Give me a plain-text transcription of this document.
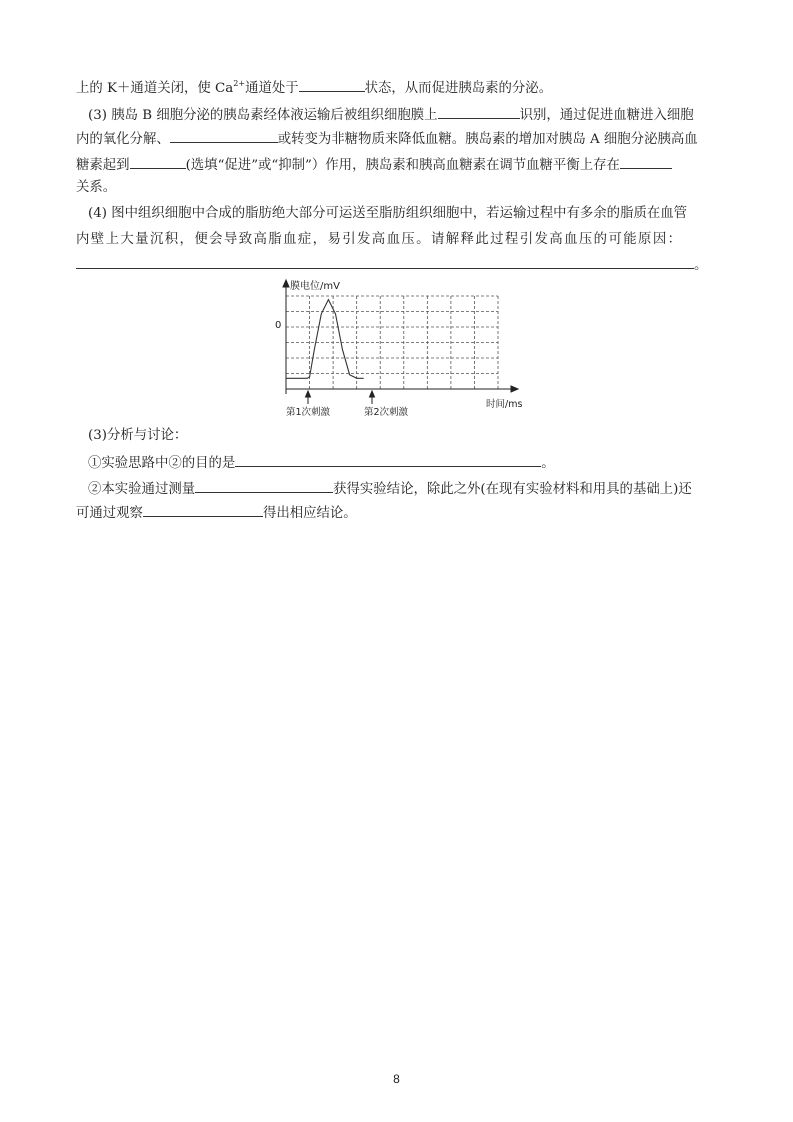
上的 K＋通道关闭，使 $Ca^{2+}$通道处于	状态，从而促进胰岛素的分泌。
(3) 胰岛 B 细胞分泌的胰岛素经体液运输后被组织细胞膜上	识别，通过促进血糖进入细胞
内的氧化分解、	或转变为非糖物质来降低血糖。胰岛素的增加对胰岛 A 细胞分泌胰高血
糖素起到	(选填“促进”或“抑制”）作用，胰岛素和胰高血糖素在调节血糖平衡上存在
关系。
(4) 图中组织细胞中合成的脂肪绝大部分可运送至脂肪组织细胞中，若运输过程中有多余的脂质在血管
内壁上大量沉积，便会导致高脂血症，易引发高血压。请解释此过程引发高血压的可能原因：
。
膜电位/mV
时间/ms
0
第1次刺激	第2次刺激
(3)分析与讨论：
①实验思路中②的目的是	。
②本实验通过测量	获得实验结论，除此之外(在现有实验材料和用具的基础上)还
可通过观察	得出相应结论。
8
